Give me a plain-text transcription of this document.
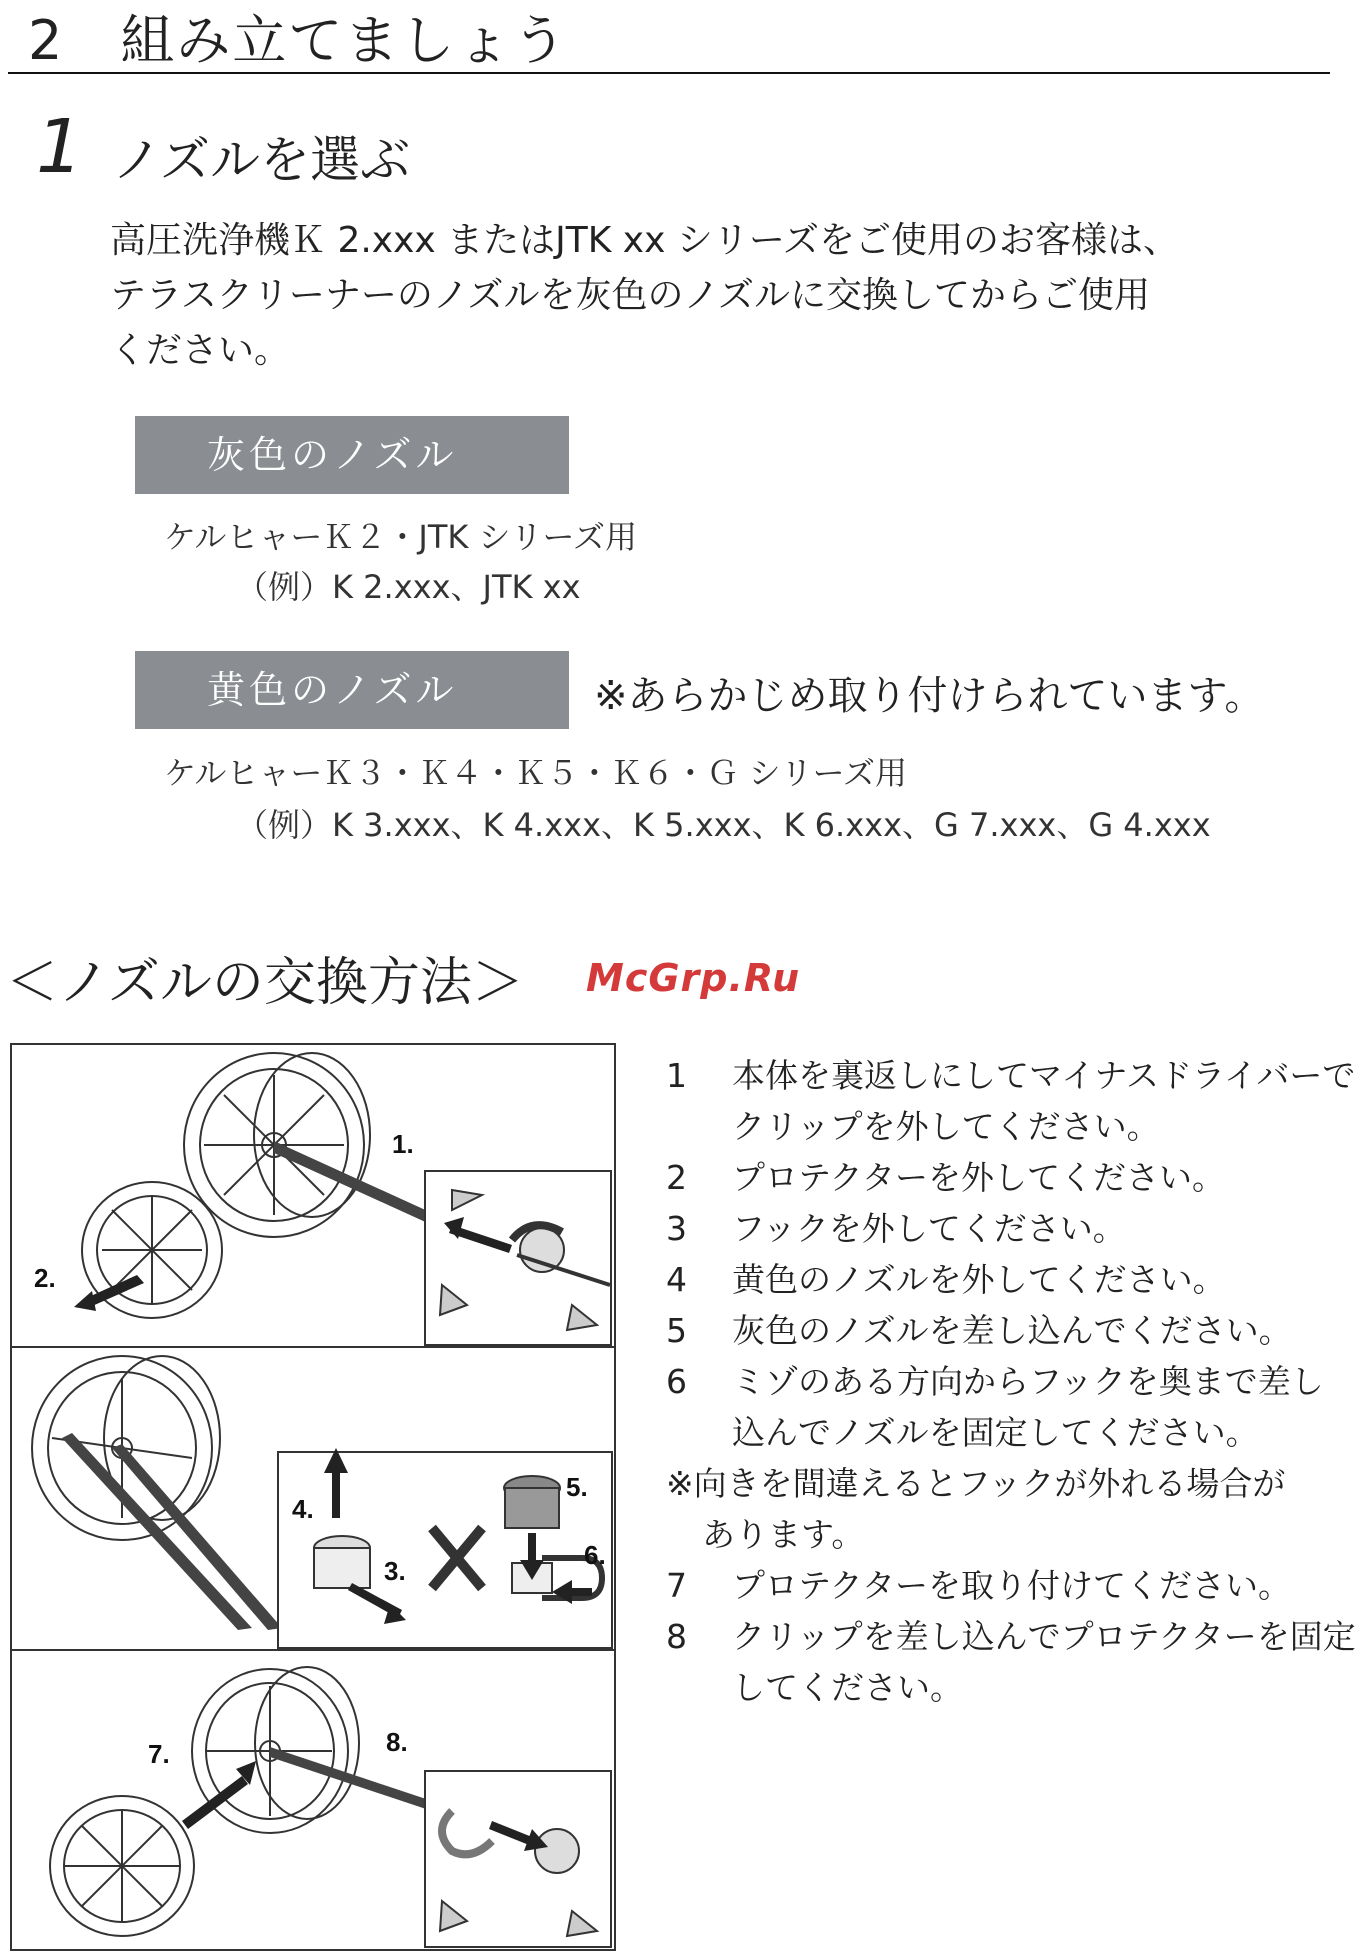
2　組み立てましょう
1 ノズルを選ぶ

高圧洗浄機Ｋ 2.xxx またはJTK xx シリーズをご使用のお客様は、

テラスクリーナーのノズルを灰色のノズルに交換してからご使用

ください。

灰色のノズル
ケルヒャーＫ２・JTK シリーズ用
（例）K 2.xxx、JTK xx
黄色のノズル	※あらかじめ取り付けられています。
ケルヒャーＫ３・Ｋ４・Ｋ５・Ｋ６・Ｇ シリーズ用
（例）K 3.xxx、K 4.xxx、K 5.xxx、K 6.xxx、G 7.xxx、G 4.xxx
＜ノズルの交換方法＞ McGrp.Ru
1.
2.
4.
3.
5.
6.
7.	8.
1	本体を裏返しにしてマイナスドライバーで
クリップを外してください。
2	プロテクターを外してください。
3	フックを外してください。
4	黄色のノズルを外してください。
5	灰色のノズルを差し込んでください。
6	ミゾのある方向からフックを奥まで差し
込んでノズルを固定してください。
※向きを間違えるとフックが外れる場合が
あります。
7	プロテクターを取り付けてください。
8	クリップを差し込んでプロテクターを固定
してください。
